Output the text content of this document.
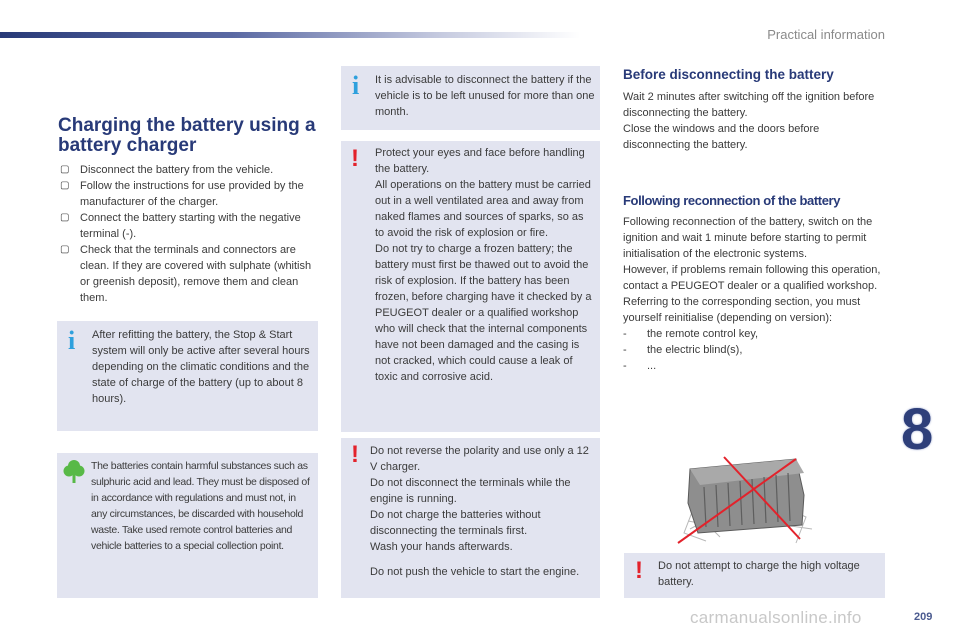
Practical information
8
209
carmanualsonline.info
Charging the battery using a battery charger
▢ Disconnect the battery from the vehicle.
▢ Follow the instructions for use provided by the manufacturer of the charger.
▢ Connect the battery starting with the negative terminal (-).
▢ Check that the terminals and connectors are clean. If they are covered with sulphate (whitish or greenish deposit), remove them and clean them.
i After refitting the battery, the Stop & Start system will only be active after several hours depending on the climatic conditions and the state of charge of the battery (up to about 8 hours).
The batteries contain harmful substances such as sulphuric acid and lead. They must be disposed of in accordance with regulations and must not, in any circumstances, be discarded with household waste. Take used remote control batteries and vehicle batteries to a special collection point.
i It is advisable to disconnect the battery if the vehicle is to be left unused for more than one month.
! Protect your eyes and face before handling the battery.
All operations on the battery must be carried out in a well ventilated area and away from naked flames and sources of sparks, so as to avoid the risk of explosion or fire.
Do not try to charge a frozen battery; the battery must first be thawed out to avoid the risk of explosion. If the battery has been frozen, before charging have it checked by a PEUGEOT dealer or a qualified workshop who will check that the internal components have not been damaged and the casing is not cracked, which could cause a leak of toxic and corrosive acid.
! Do not reverse the polarity and use only a 12 V charger.
Do not disconnect the terminals while the engine is running.
Do not charge the batteries without disconnecting the terminals first.
Wash your hands afterwards.
Do not push the vehicle to start the engine.
Before disconnecting the battery

Wait 2 minutes after switching off the ignition before disconnecting the battery.

Close the windows and the doors before disconnecting the battery.

Following reconnection of the battery

Following reconnection of the battery, switch on the ignition and wait 1 minute before starting to permit initialisation of the electronic systems.

However, if problems remain following this operation, contact a PEUGEOT dealer or a qualified workshop.

Referring to the corresponding section, you must yourself reinitialise (depending on version):

- the remote control key,

- the electric blind(s),

- ...

! Do not attempt to charge the high voltage battery.
